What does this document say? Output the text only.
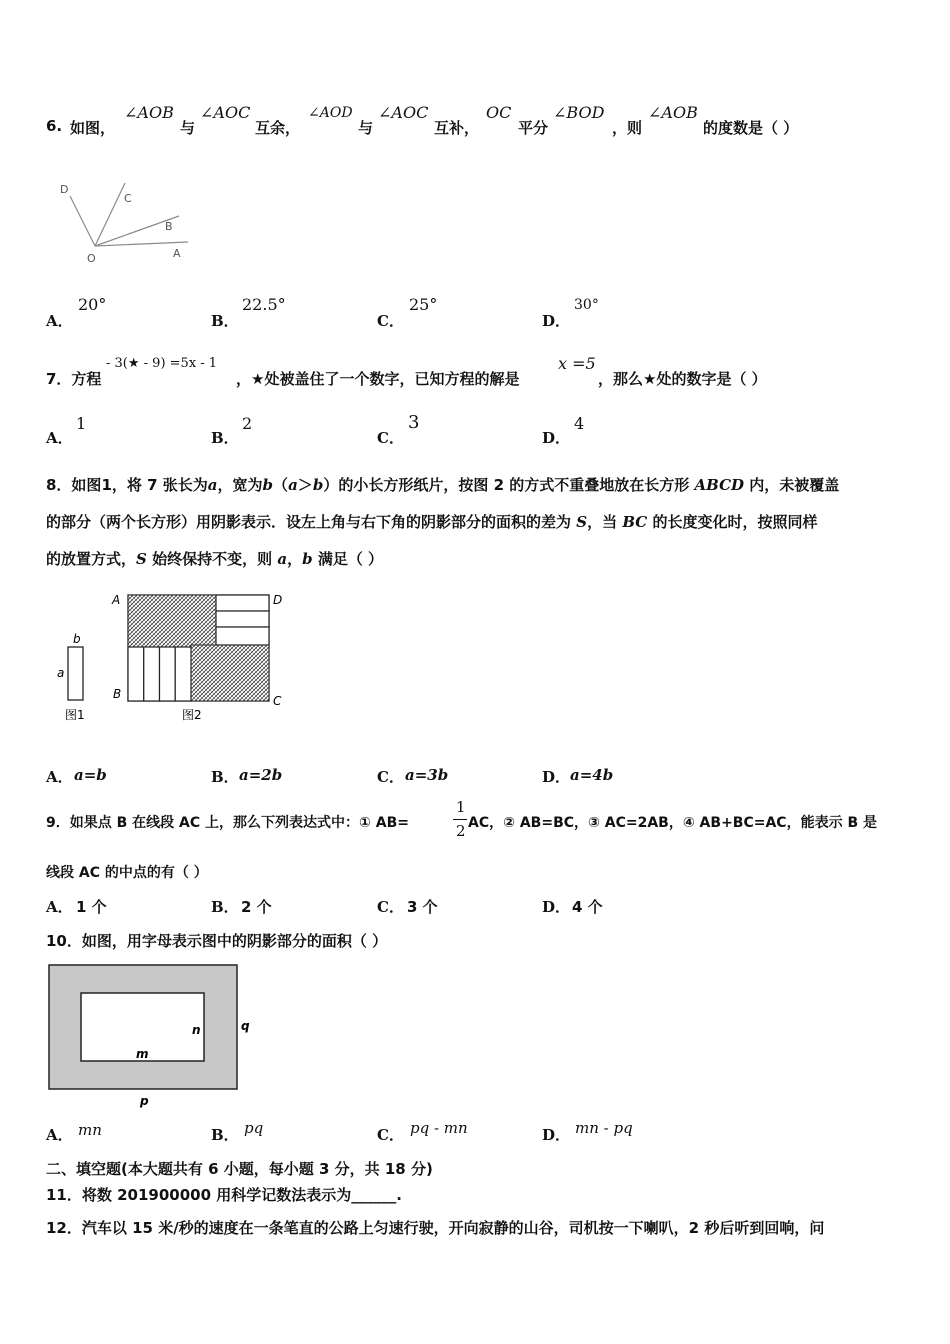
6. 如图，
∠AOB
与
∠AOC
互余，
∠AOD
与
∠AOC
互补，
OC
平分
∠BOD
，则
∠AOB
的度数是（ ）
D
C
B
O	A
A．
20°
B．
22.5°
C．
25°
D．
30°
7．方程
- 3(★ - 9) =5x - 1
，★处被盖住了一个数字，已知方程的解是
x =5
，那么★处的数字是（ ）
A．
1
B．
2
C．
3
D．
4
8．如图1，将 7 张长为a，宽为b（a＞b）的小长方形纸片，按图 2 的方式不重叠地放在长方形 ABCD 内，未被覆盖
的部分（两个长方形）用阴影表示．设左上角与右下角的阴影部分的面积的差为 S，当 BC 的长度变化时，按照同样
的放置方式，S 始终保持不变，则 a，b 满足（ ）
b
a
图1
A	D
B	C
图2
A． a=b	B． a=2b	C． a=3b	D． a=4b
9．如果点 B 在线段 AC 上，那么下列表达式中：① AB=
1
2 AC，② AB=BC，③ AC=2AB，④ AB+BC=AC，能表示 B 是
线段 AC 的中点的有（ ）
A． 1 个	B． 2 个	C． 3 个	D． 4 个
10．如图，用字母表示图中的阴影部分的面积（ ）
n
m
q
p
A． mn	B． pq	C． pq - mn	D． mn - pq
二、填空题(本大题共有 6 小题，每小题 3 分，共 18 分)
11．将数 201900000 用科学记数法表示为______.
12．汽车以 15 米/秒的速度在一条笔直的公路上匀速行驶，开向寂静的山谷，司机按一下喇叭，2 秒后听到回响，问
